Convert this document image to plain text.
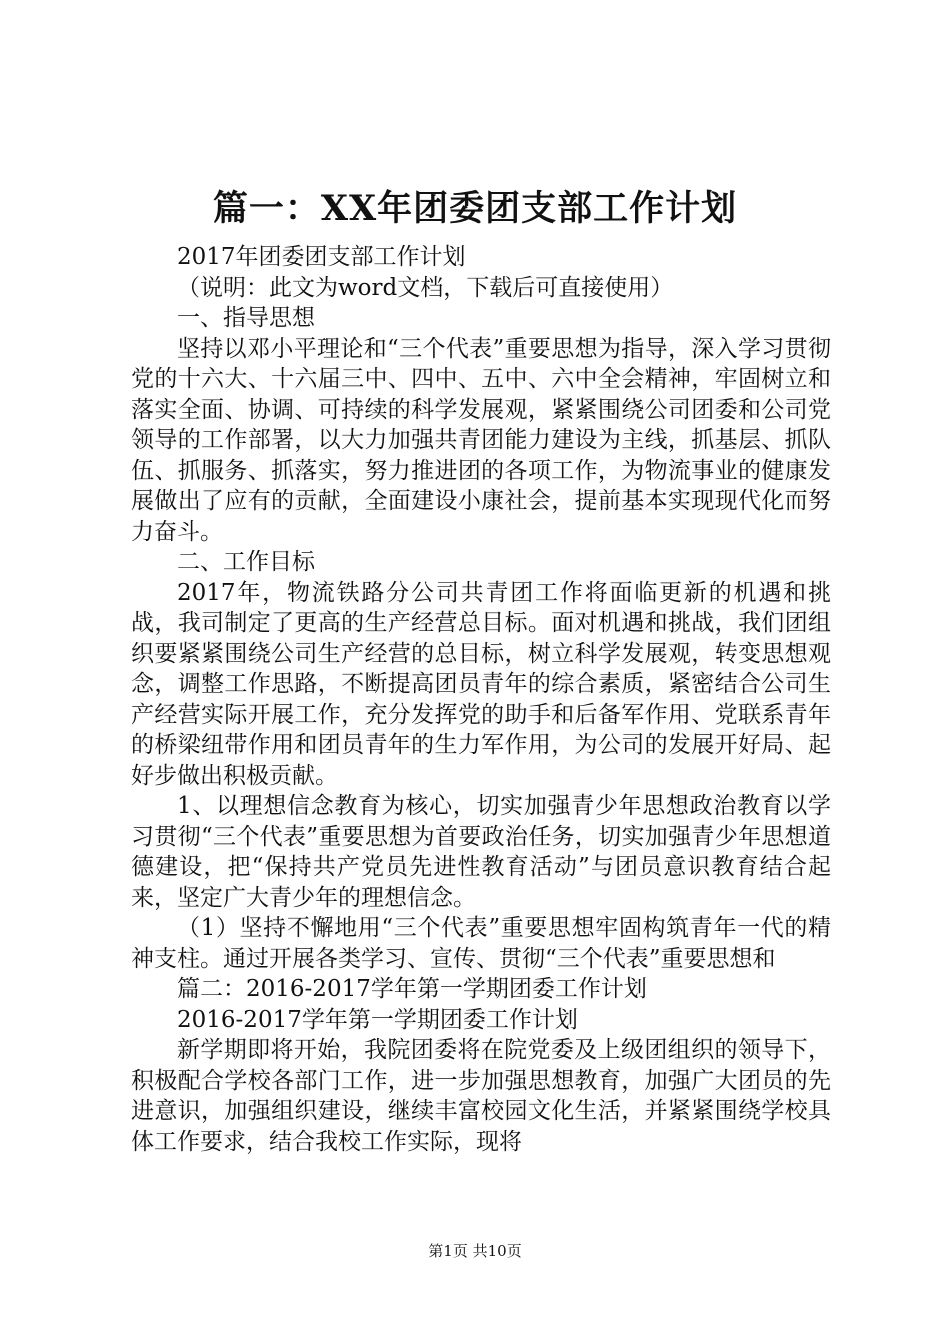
篇一：XX年团委团支部工作计划

2017年团委团支部工作计划

（说明：此文为word文档，下载后可直接使用）

一、指导思想

坚持以邓小平理论和“三个代表”重要思想为指导，深入学习贯彻党的十六大、十六届三中、四中、五中、六中全会精神，牢固树立和落实全面、协调、可持续的科学发展观，紧紧围绕公司团委和公司党领导的工作部署，以大力加强共青团能力建设为主线，抓基层、抓队伍、抓服务、抓落实，努力推进团的各项工作，为物流事业的健康发展做出了应有的贡献，全面建设小康社会，提前基本实现现代化而努力奋斗。

二、工作目标

2017年，物流铁路分公司共青团工作将面临更新的机遇和挑战，我司制定了更高的生产经营总目标。面对机遇和挑战，我们团组织要紧紧围绕公司生产经营的总目标，树立科学发展观，转变思想观念，调整工作思路，不断提高团员青年的综合素质，紧密结合公司生产经营实际开展工作，充分发挥党的助手和后备军作用、党联系青年的桥梁纽带作用和团员青年的生力军作用，为公司的发展开好局、起好步做出积极贡献。

1、以理想信念教育为核心，切实加强青少年思想政治教育以学习贯彻“三个代表”重要思想为首要政治任务，切实加强青少年思想道德建设，把“保持共产党员先进性教育活动”与团员意识教育结合起来，坚定广大青少年的理想信念。

（1）坚持不懈地用“三个代表”重要思想牢固构筑青年一代的精神支柱。通过开展各类学习、宣传、贯彻“三个代表”重要思想和

篇二：2016-2017学年第一学期团委工作计划

2016-2017学年第一学期团委工作计划

新学期即将开始，我院团委将在院党委及上级团组织的领导下，积极配合学校各部门工作，进一步加强思想教育，加强广大团员的先进意识，加强组织建设，继续丰富校园文化生活，并紧紧围绕学校具体工作要求，结合我校工作实际，现将

第1页 共10页
